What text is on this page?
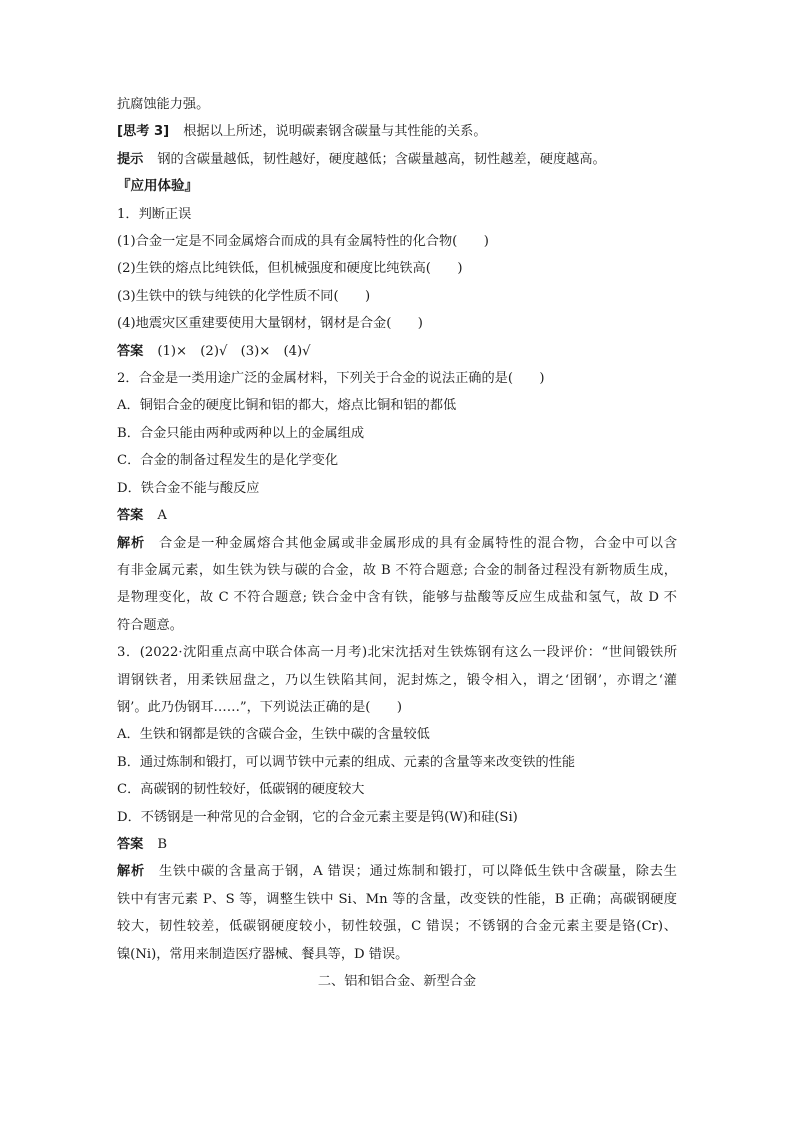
抗腐蚀能力强。
[思考 3] 根据以上所述，说明碳素钢含碳量与其性能的关系。
提示 钢的含碳量越低，韧性越好，硬度越低；含碳量越高，韧性越差，硬度越高。
『应用体验』
1．判断正误
(1)合金一定是不同金属熔合而成的具有金属特性的化合物(　　)
(2)生铁的熔点比纯铁低，但机械强度和硬度比纯铁高(　　)
(3)生铁中的铁与纯铁的化学性质不同(　　)
(4)地震灾区重建要使用大量钢材，钢材是合金(　　)
答案 (1)×　(2)√　(3)×　(4)√
2．合金是一类用途广泛的金属材料，下列关于合金的说法正确的是(　　)
A．铜铝合金的硬度比铜和铝的都大，熔点比铜和铝的都低
B．合金只能由两种或两种以上的金属组成
C．合金的制备过程发生的是化学变化
D．铁合金不能与酸反应
答案 A
解析 合金是一种金属熔合其他金属或非金属形成的具有金属特性的混合物，合金中可以含
有非金属元素，如生铁为铁与碳的合金，故 B 不符合题意; 合金的制备过程没有新物质生成，
是物理变化，故 C 不符合题意; 铁合金中含有铁，能够与盐酸等反应生成盐和氢气，故 D 不
符合题意。
3．(2022·沈阳重点高中联合体高一月考)北宋沈括对生铁炼钢有这么一段评价：“世间锻铁所
谓钢铁者，用柔铁屈盘之，乃以生铁陷其间，泥封炼之，锻令相入，谓之‘团钢’，亦谓之‘灌
钢’。此乃伪钢耳……”，下列说法正确的是(　　)
A．生铁和钢都是铁的含碳合金，生铁中碳的含量较低
B．通过炼制和锻打，可以调节铁中元素的组成、元素的含量等来改变铁的性能
C．高碳钢的韧性较好，低碳钢的硬度较大
D．不锈钢是一种常见的合金钢，它的合金元素主要是钨(W)和硅(Si)
答案 B
解析 生铁中碳的含量高于钢，A 错误；通过炼制和锻打，可以降低生铁中含碳量，除去生
铁中有害元素 P、S 等，调整生铁中 Si、Mn 等的含量，改变铁的性能，B 正确；高碳钢硬度
较大，韧性较差，低碳钢硬度较小，韧性较强，C 错误；不锈钢的合金元素主要是铬(Cr)、
镍(Ni)，常用来制造医疗器械、餐具等，D 错误。
二、铝和铝合金、新型合金
